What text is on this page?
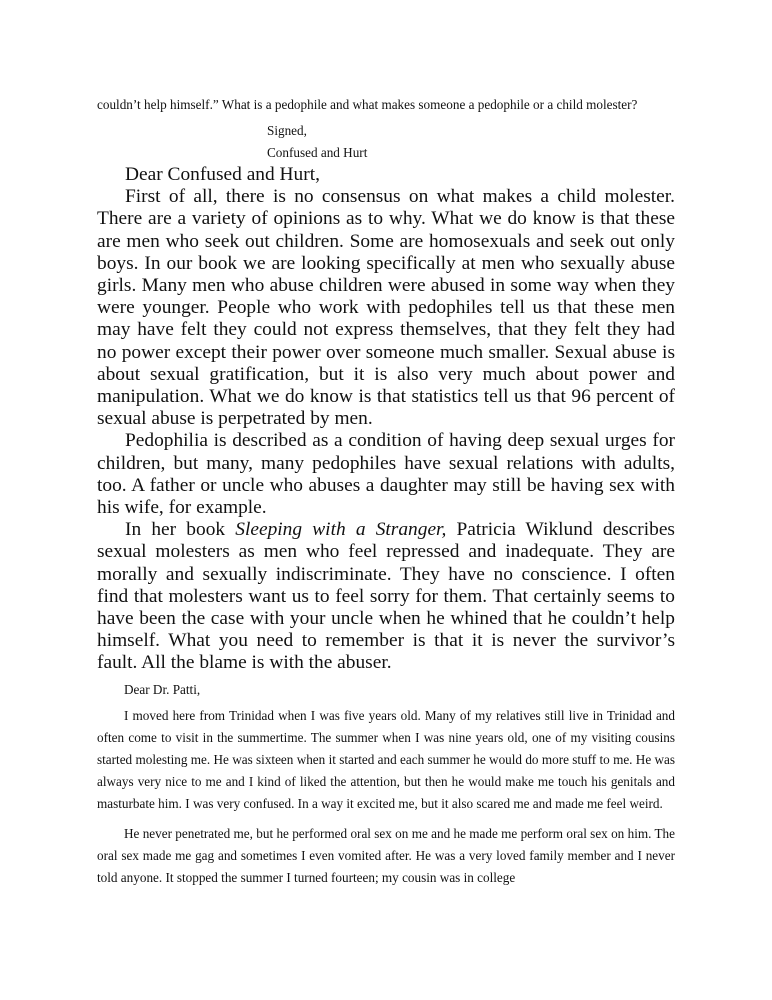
couldn’t help himself.” What is a pedophile and what makes someone a pedophile or a child molester?

Signed,

Confused and Hurt

Dear Confused and Hurt,

First of all, there is no consensus on what makes a child molester. There are a variety of opinions as to why. What we do know is that these are men who seek out children. Some are homosexuals and seek out only boys. In our book we are looking specifically at men who sexually abuse girls. Many men who abuse children were abused in some way when they were younger. People who work with pedophiles tell us that these men may have felt they could not express themselves, that they felt they had no power except their power over someone much smaller. Sexual abuse is about sexual gratification, but it is also very much about power and manipulation. What we do know is that statistics tell us that 96 percent of sexual abuse is perpetrated by men.

Pedophilia is described as a condition of having deep sexual urges for children, but many, many pedophiles have sexual relations with adults, too. A father or uncle who abuses a daughter may still be having sex with his wife, for example.

In her book Sleeping with a Stranger, Patricia Wiklund describes sexual molesters as men who feel repressed and inadequate. They are morally and sexually indiscriminate. They have no conscience. I often find that molesters want us to feel sorry for them. That certainly seems to have been the case with your uncle when he whined that he couldn’t help himself. What you need to remember is that it is never the survivor’s fault. All the blame is with the abuser.

Dear Dr. Patti,

I moved here from Trinidad when I was five years old. Many of my relatives still live in Trinidad and often come to visit in the summertime. The summer when I was nine years old, one of my visiting cousins started molesting me. He was sixteen when it started and each summer he would do more stuff to me. He was always very nice to me and I kind of liked the attention, but then he would make me touch his genitals and masturbate him. I was very confused. In a way it excited me, but it also scared me and made me feel weird.

He never penetrated me, but he performed oral sex on me and he made me perform oral sex on him. The oral sex made me gag and sometimes I even vomited after. He was a very loved family member and I never told anyone. It stopped the summer I turned fourteen; my cousin was in college
